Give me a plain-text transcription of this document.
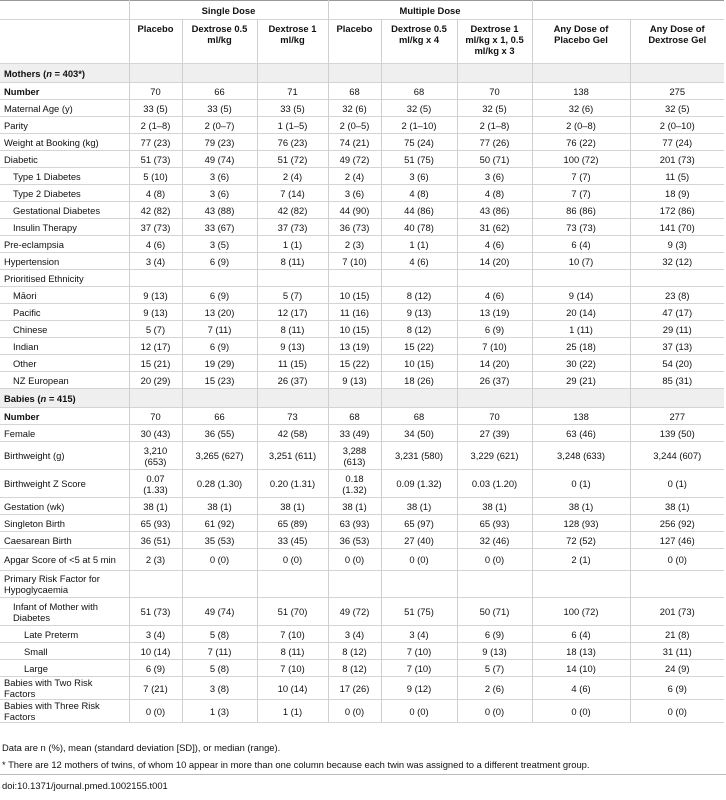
	Single Dose			Multiple Dose				
	Placebo	Dextrose 0.5 ml/kg	Dextrose 1 ml/kg	Placebo	Dextrose 0.5 ml/kg x 4	Dextrose 1 ml/kg x 1, 0.5 ml/kg x 3	Any Dose of Placebo Gel	Any Dose of Dextrose Gel
Mothers (n = 403*)								
Number	70	66	71	68	68	70	138	275
Maternal Age (y)	33 (5)	33 (5)	33 (5)	32 (6)	32 (5)	32 (5)	32 (6)	32 (5)
Parity	2 (1–8)	2 (0–7)	1 (1–5)	2 (0–5)	2 (1–10)	2 (1–8)	2 (0–8)	2 (0–10)
Weight at Booking (kg)	77 (23)	79 (23)	76 (23)	74 (21)	75 (24)	77 (26)	76 (22)	77 (24)
Diabetic	51 (73)	49 (74)	51 (72)	49 (72)	51 (75)	50 (71)	100 (72)	201 (73)
Type 1 Diabetes	5 (10)	3 (6)	2 (4)	2 (4)	3 (6)	3 (6)	7 (7)	11 (5)
Type 2 Diabetes	4 (8)	3 (6)	7 (14)	3 (6)	4 (8)	4 (8)	7 (7)	18 (9)
Gestational Diabetes	42 (82)	43 (88)	42 (82)	44 (90)	44 (86)	43 (86)	86 (86)	172 (86)
Insulin Therapy	37 (73)	33 (67)	37 (73)	36 (73)	40 (78)	31 (62)	73 (73)	141 (70)
Pre-eclampsia	4 (6)	3 (5)	1 (1)	2 (3)	1 (1)	4 (6)	6 (4)	9 (3)
Hypertension	3 (4)	6 (9)	8 (11)	7 (10)	4 (6)	14 (20)	10 (7)	32 (12)
Prioritised Ethnicity								
Māori	9 (13)	6 (9)	5 (7)	10 (15)	8 (12)	4 (6)	9 (14)	23 (8)
Pacific	9 (13)	13 (20)	12 (17)	11 (16)	9 (13)	13 (19)	20 (14)	47 (17)
Chinese	5 (7)	7 (11)	8 (11)	10 (15)	8 (12)	6 (9)	1 (11)	29 (11)
Indian	12 (17)	6 (9)	9 (13)	13 (19)	15 (22)	7 (10)	25 (18)	37 (13)
Other	15 (21)	19 (29)	11 (15)	15 (22)	10 (15)	14 (20)	30 (22)	54 (20)
NZ European	20 (29)	15 (23)	26 (37)	9 (13)	18 (26)	26 (37)	29 (21)	85 (31)
Babies (n = 415)								
Number	70	66	73	68	68	70	138	277
Female	30 (43)	36 (55)	42 (58)	33 (49)	34 (50)	27 (39)	63 (46)	139 (50)
Birthweight (g)	3,210 (653)	3,265 (627)	3,251 (611)	3,288 (613)	3,231 (580)	3,229 (621)	3,248 (633)	3,244 (607)
Birthweight Z Score	0.07 (1.33)	0.28 (1.30)	0.20 (1.31)	0.18 (1.32)	0.09 (1.32)	0.03 (1.20)	0 (1)	0 (1)
Gestation (wk)	38 (1)	38 (1)	38 (1)	38 (1)	38 (1)	38 (1)	38 (1)	38 (1)
Singleton Birth	65 (93)	61 (92)	65 (89)	63 (93)	65 (97)	65 (93)	128 (93)	256 (92)
Caesarean Birth	36 (51)	35 (53)	33 (45)	36 (53)	27 (40)	32 (46)	72 (52)	127 (46)
Apgar Score of <5 at 5 min	2 (3)	0 (0)	0 (0)	0 (0)	0 (0)	0 (0)	2 (1)	0 (0)
Primary Risk Factor for Hypoglycaemia								
Infant of Mother with Diabetes	51 (73)	49 (74)	51 (70)	49 (72)	51 (75)	50 (71)	100 (72)	201 (73)
Late Preterm	3 (4)	5 (8)	7 (10)	3 (4)	3 (4)	6 (9)	6 (4)	21 (8)
Small	10 (14)	7 (11)	8 (11)	8 (12)	7 (10)	9 (13)	18 (13)	31 (11)
Large	6 (9)	5 (8)	7 (10)	8 (12)	7 (10)	5 (7)	14 (10)	24 (9)
Babies with Two Risk Factors	7 (21)	3 (8)	10 (14)	17 (26)	9 (12)	2 (6)	4 (6)	6 (9)
Babies with Three Risk Factors	0 (0)	1 (3)	1 (1)	0 (0)	0 (0)	0 (0)	0 (0)	0 (0)

Data are n (%), mean (standard deviation [SD]), or median (range).

* There are 12 mothers of twins, of whom 10 appear in more than one column because each twin was assigned to a different treatment group.

doi:10.1371/journal.pmed.1002155.t001
